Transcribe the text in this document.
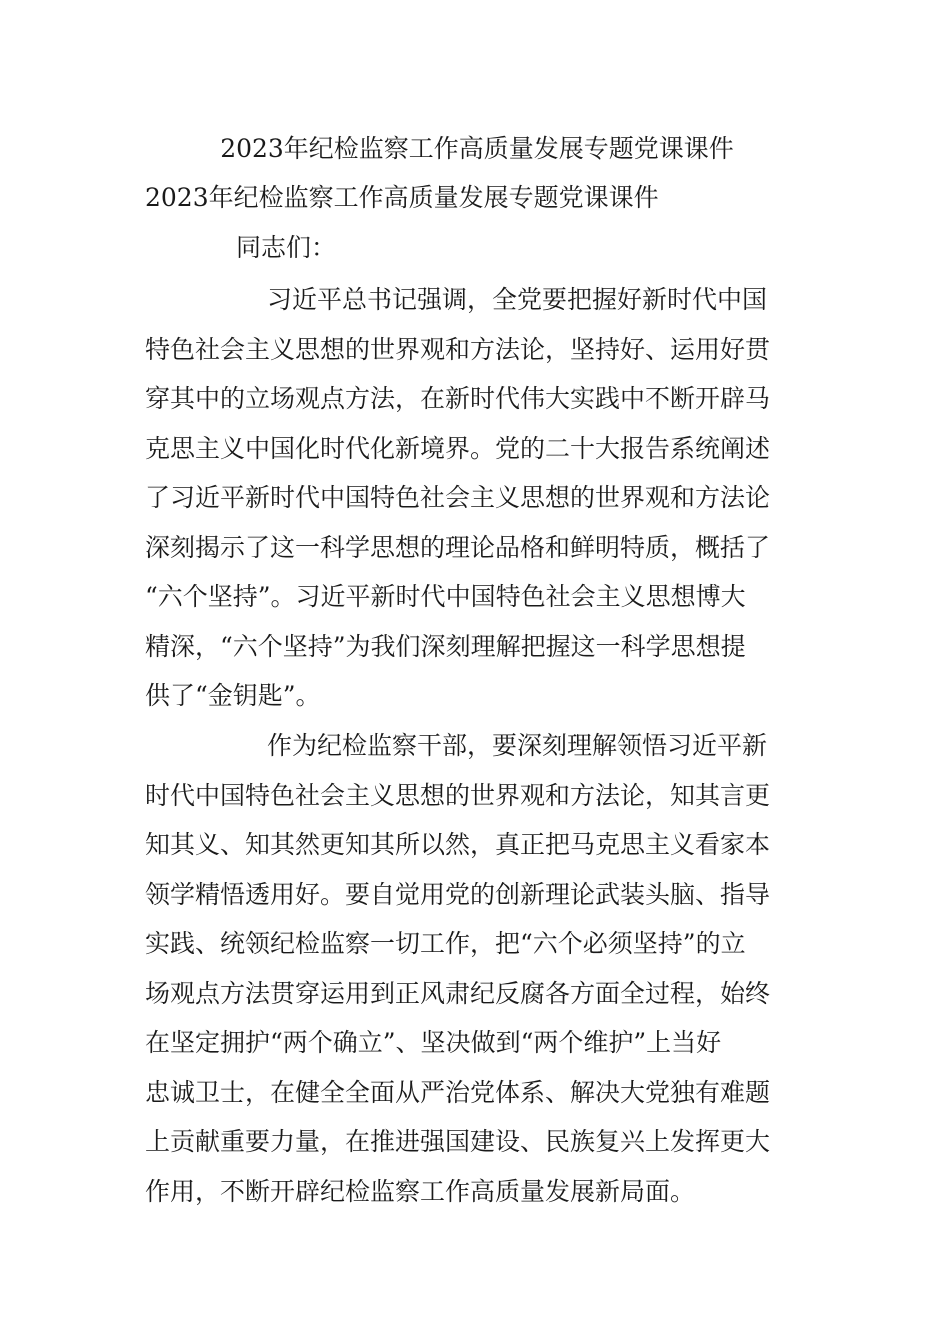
2023年纪检监察工作高质量发展专题党课课件
2023年纪检监察工作高质量发展专题党课课件
同志们：
习近平总书记强调，全党要把握好新时代中国
特色社会主义思想的世界观和方法论，坚持好、运用好贯
穿其中的立场观点方法，在新时代伟大实践中不断开辟马
克思主义中国化时代化新境界。党的二十大报告系统阐述
了习近平新时代中国特色社会主义思想的世界观和方法论
深刻揭示了这一科学思想的理论品格和鲜明特质，概括了
“六个坚持”。习近平新时代中国特色社会主义思想博大
精深，“六个坚持”为我们深刻理解把握这一科学思想提
供了“金钥匙”。
作为纪检监察干部，要深刻理解领悟习近平新
时代中国特色社会主义思想的世界观和方法论，知其言更
知其义、知其然更知其所以然，真正把马克思主义看家本
领学精悟透用好。要自觉用党的创新理论武装头脑、指导
实践、统领纪检监察一切工作，把“六个必须坚持”的立
场观点方法贯穿运用到正风肃纪反腐各方面全过程，始终
在坚定拥护“两个确立”、坚决做到“两个维护”上当好
忠诚卫士，在健全全面从严治党体系、解决大党独有难题
上贡献重要力量，在推进强国建设、民族复兴上发挥更大
作用，不断开辟纪检监察工作高质量发展新局面。
